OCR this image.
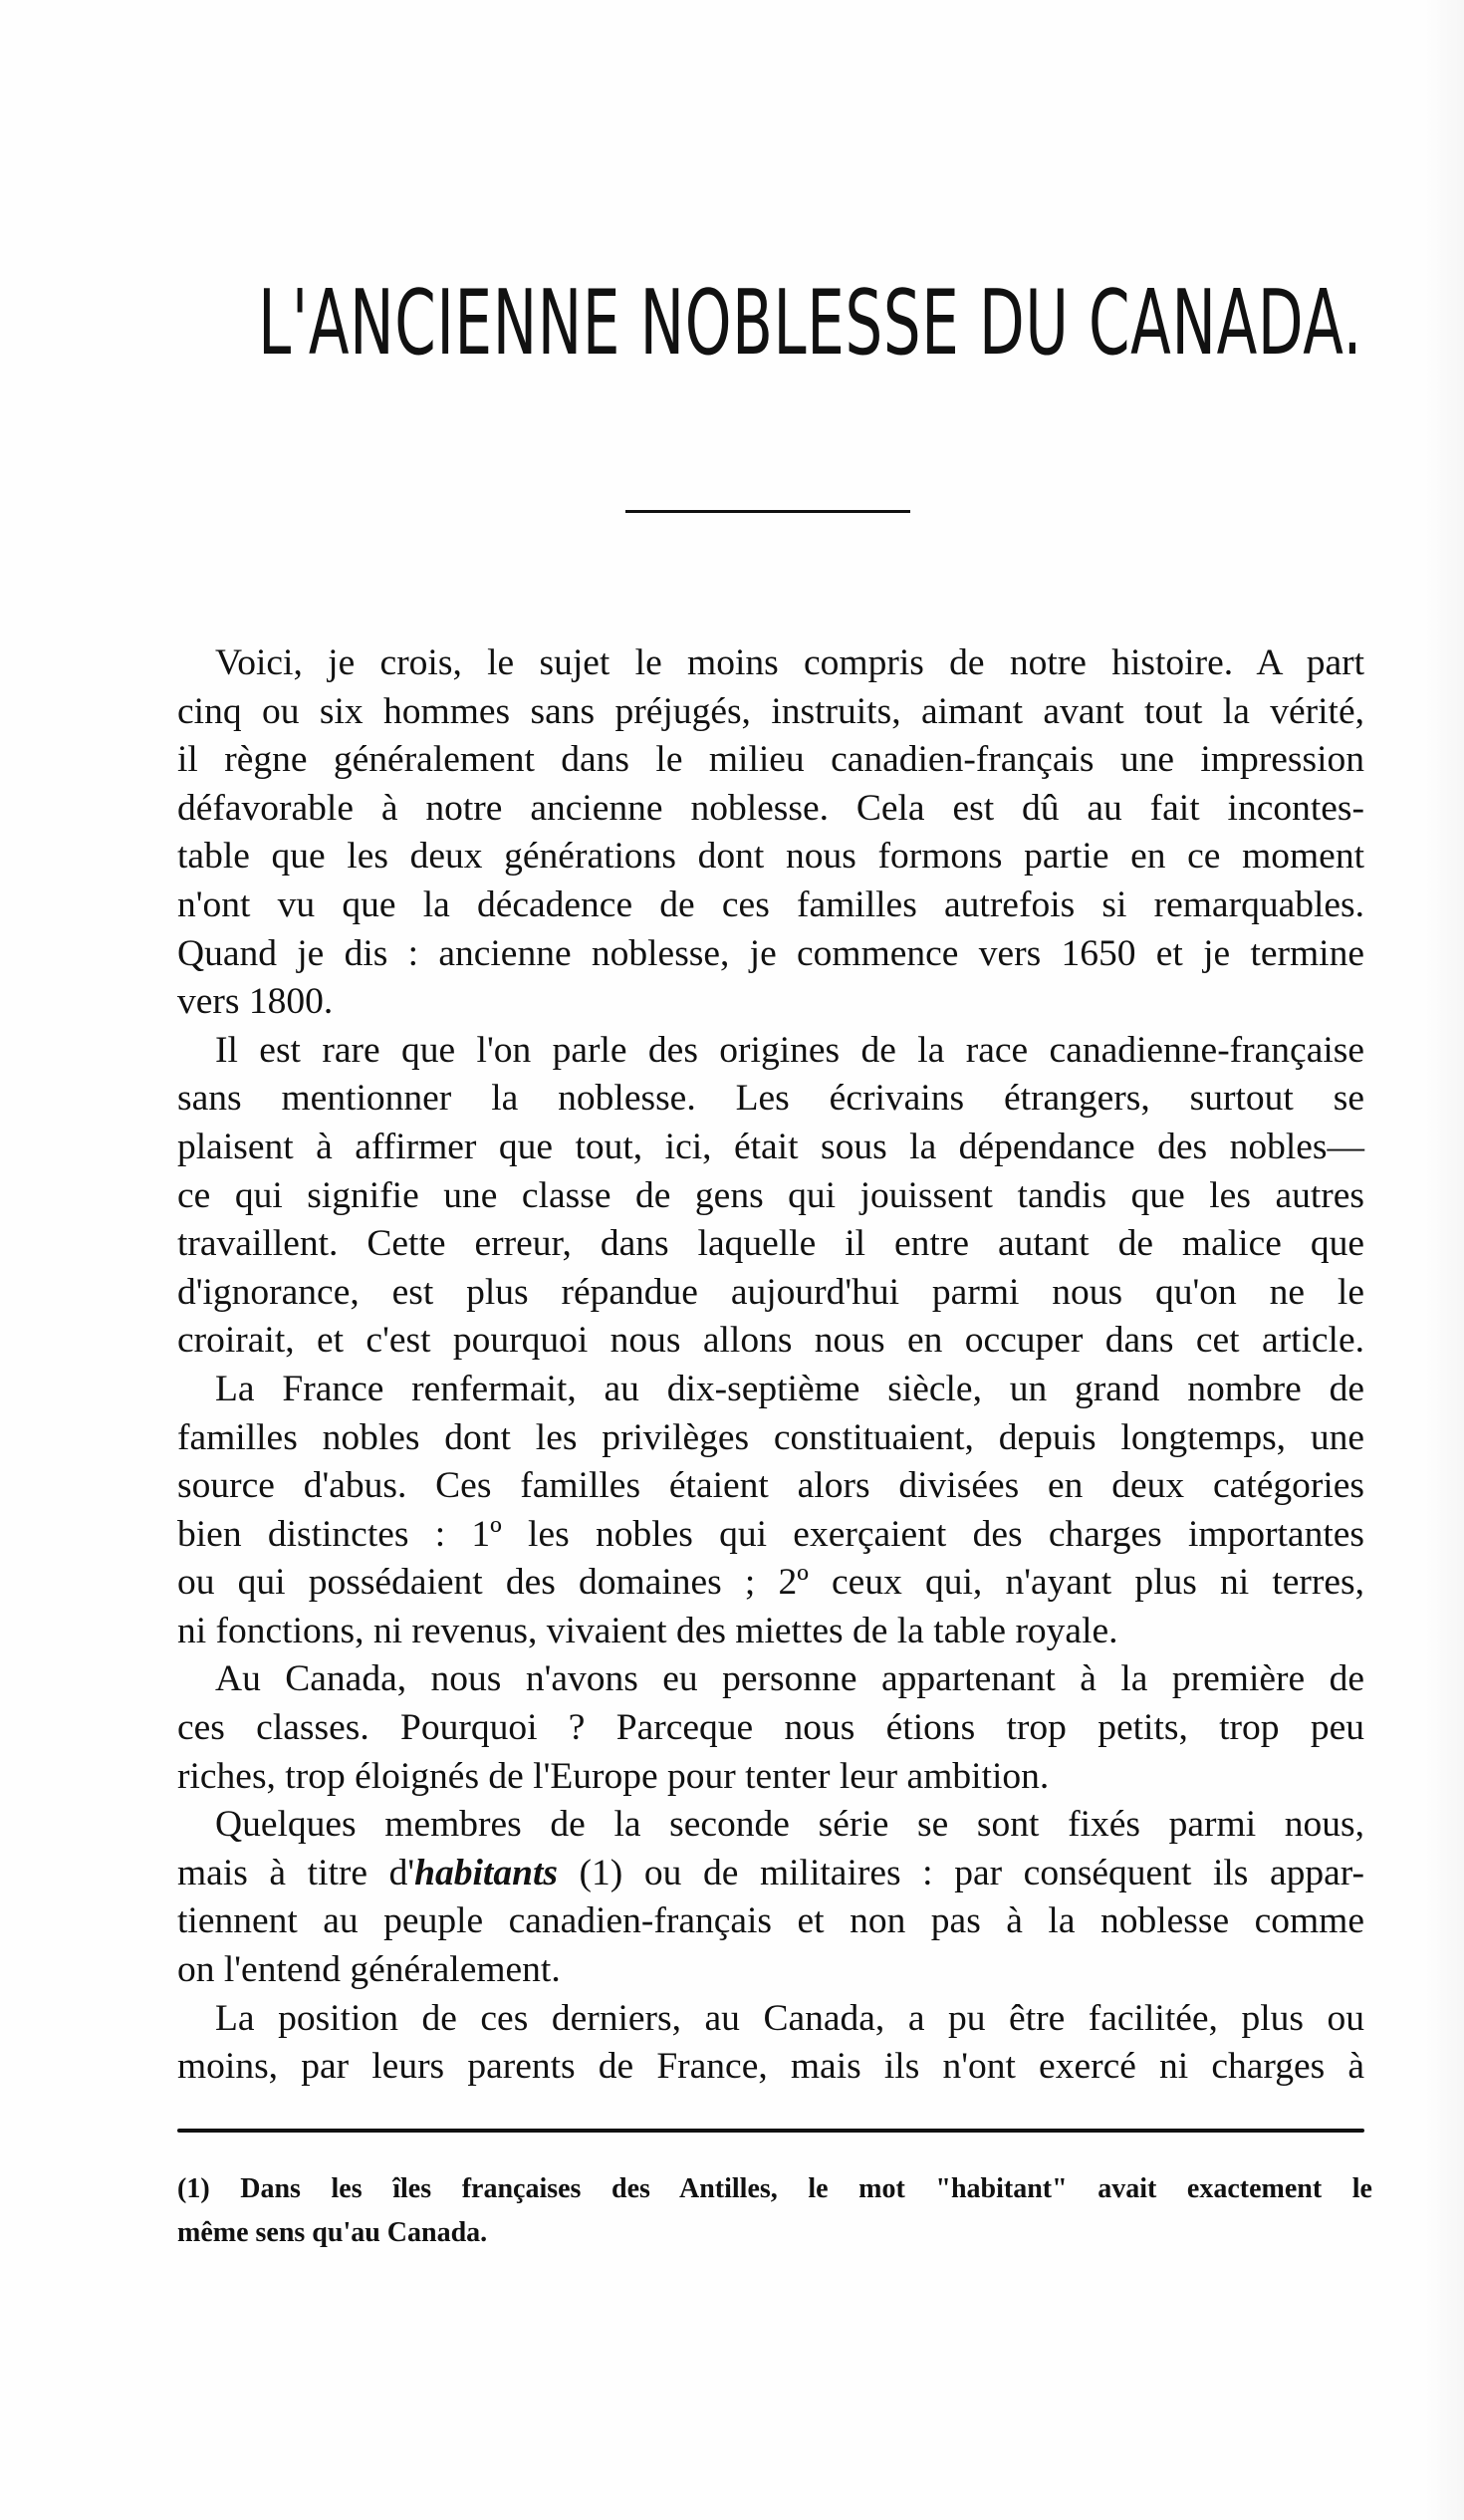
L'ANCIENNE NOBLESSE DU CANADA.
Voici, je crois, le sujet le moins compris de notre histoire. A part
cinq ou six hommes sans préjugés, instruits, aimant avant tout la vérité,
il règne généralement dans le milieu canadien-français une impression
défavorable à notre ancienne noblesse. Cela est dû au fait incontes-
table que les deux générations dont nous formons partie en ce moment
n'ont vu que la décadence de ces familles autrefois si remarquables.
Quand je dis : ancienne noblesse, je commence vers 1650 et je termine
vers 1800.
Il est rare que l'on parle des origines de la race canadienne-française
sans mentionner la noblesse. Les écrivains étrangers, surtout se
plaisent à affirmer que tout, ici, était sous la dépendance des nobles—
ce qui signifie une classe de gens qui jouissent tandis que les autres
travaillent. Cette erreur, dans laquelle il entre autant de malice que
d'ignorance, est plus répandue aujourd'hui parmi nous qu'on ne le
croirait, et c'est pourquoi nous allons nous en occuper dans cet article.
La France renfermait, au dix-septième siècle, un grand nombre de
familles nobles dont les privilèges constituaient, depuis longtemps, une
source d'abus. Ces familles étaient alors divisées en deux catégories
bien distinctes : 1º les nobles qui exerçaient des charges importantes
ou qui possédaient des domaines ; 2º ceux qui, n'ayant plus ni terres,
ni fonctions, ni revenus, vivaient des miettes de la table royale.
Au Canada, nous n'avons eu personne appartenant à la première de
ces classes. Pourquoi ? Parceque nous étions trop petits, trop peu
riches, trop éloignés de l'Europe pour tenter leur ambition.
Quelques membres de la seconde série se sont fixés parmi nous,
mais à titre d'habitants (1) ou de militaires : par conséquent ils appar-
tiennent au peuple canadien-français et non pas à la noblesse comme
on l'entend généralement.
La position de ces derniers, au Canada, a pu être facilitée, plus ou
moins, par leurs parents de France, mais ils n'ont exercé ni charges à
(1) Dans les îles françaises des Antilles, le mot "habitant" avait exactement le
même sens qu'au Canada.
